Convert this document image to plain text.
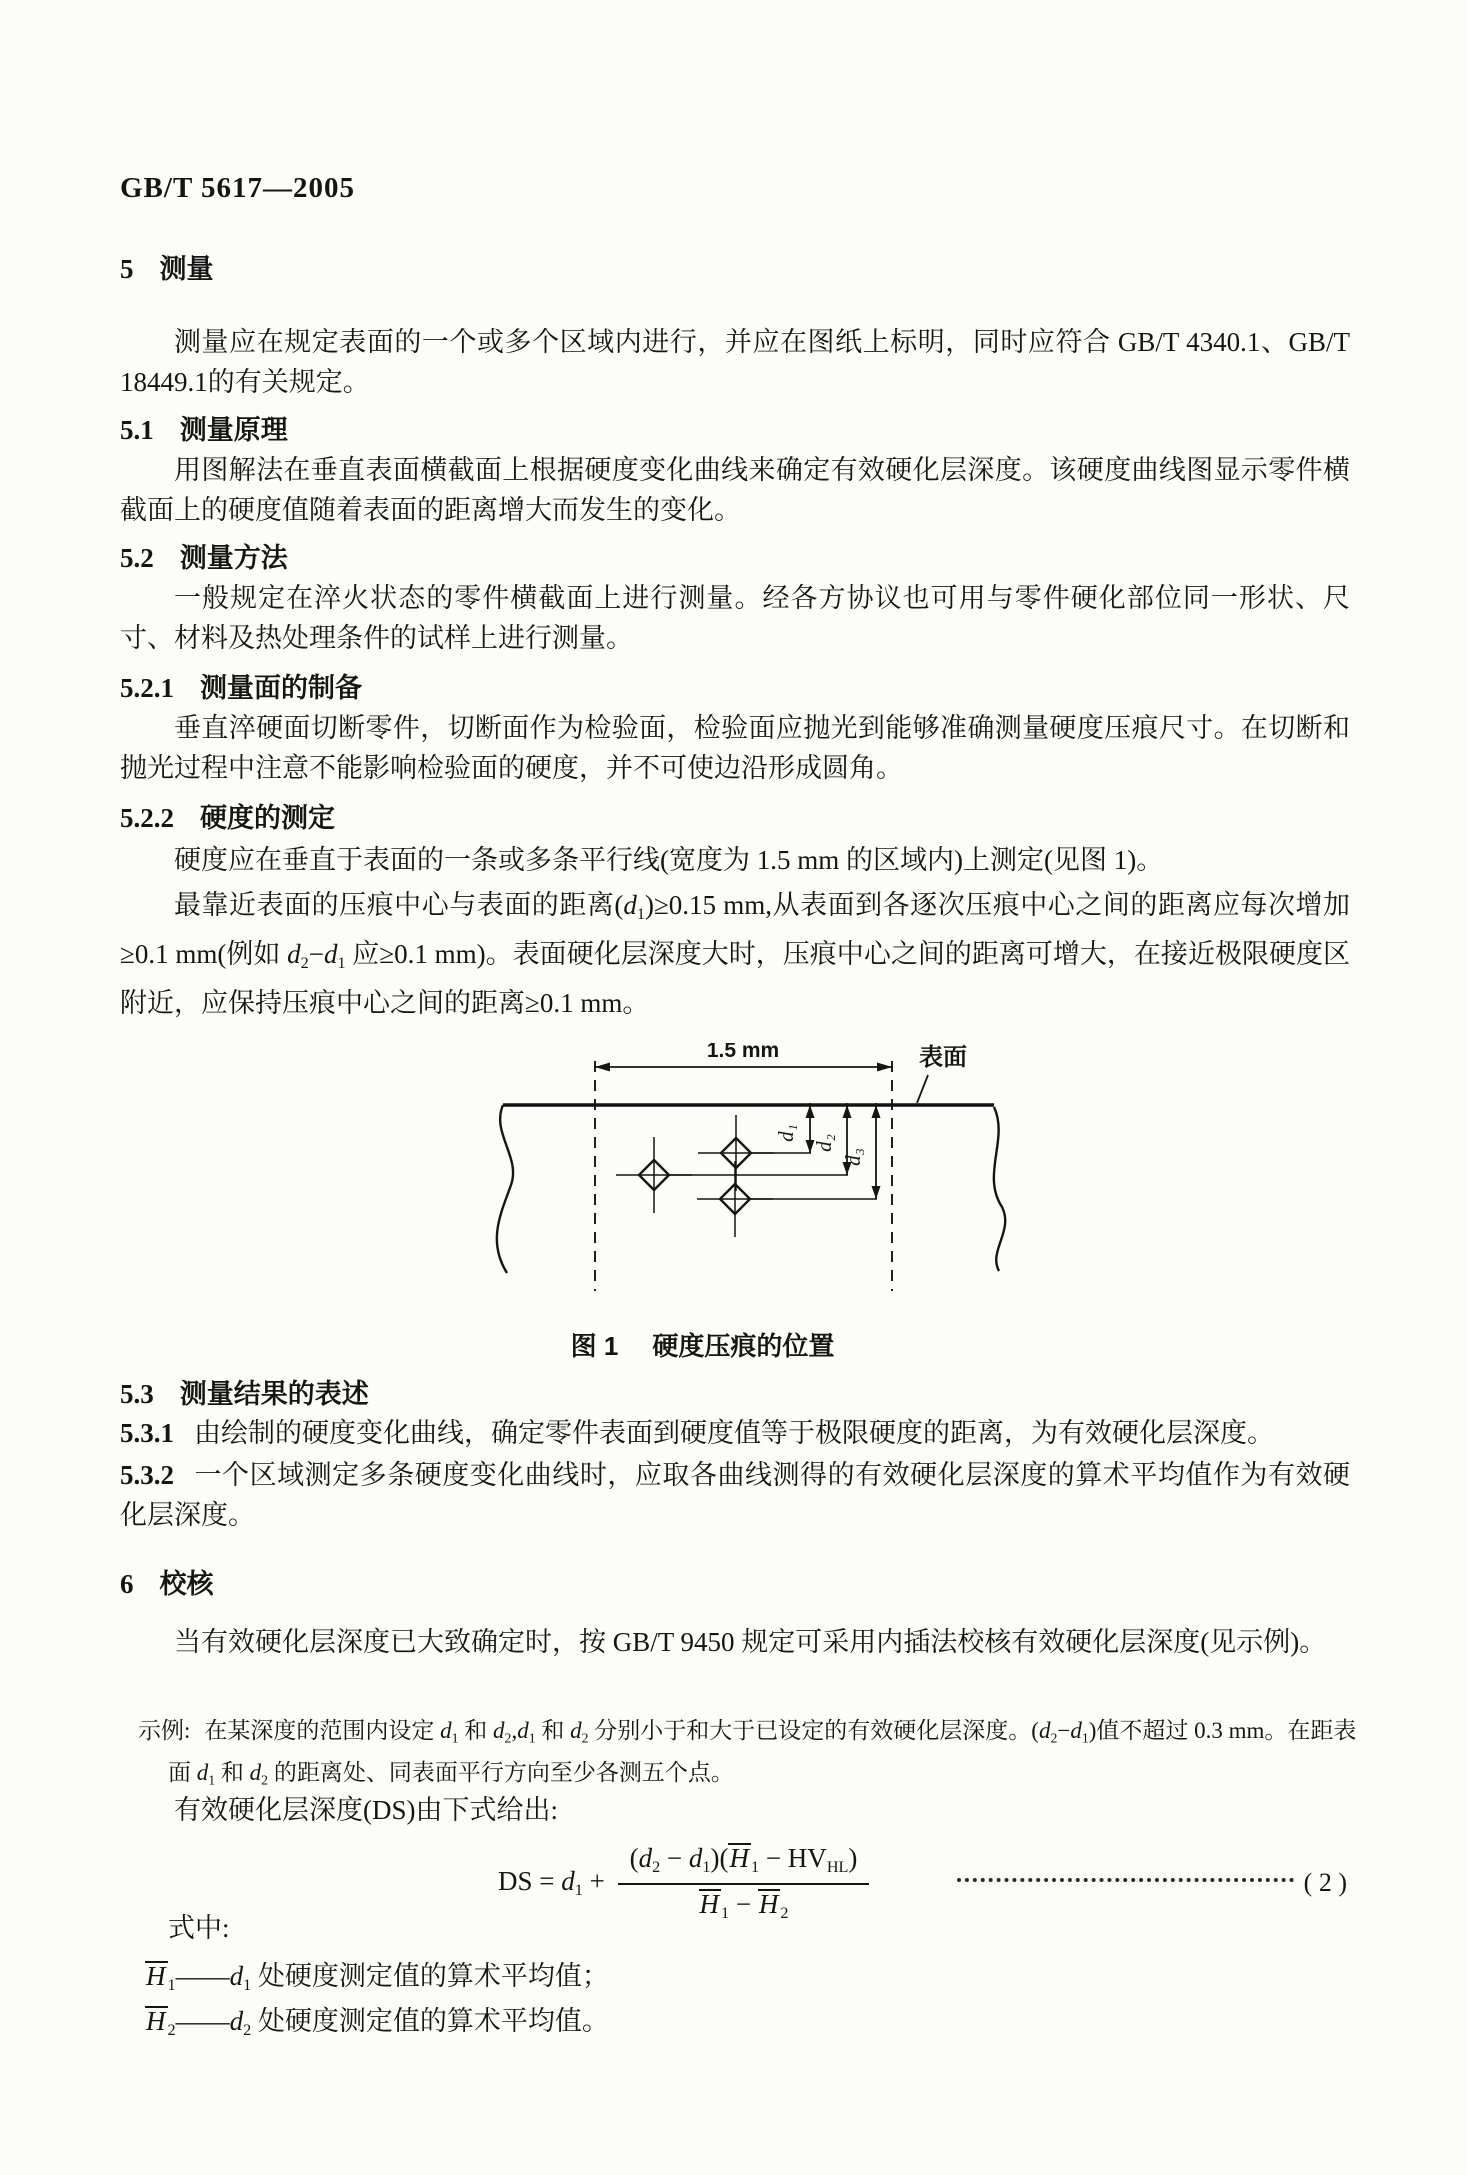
GB/T 5617—2005
5 测量
测量应在规定表面的一个或多个区域内进行，并应在图纸上标明，同时应符合 GB/T 4340.1、GB/T 18449.1的有关规定。
5.1 测量原理
用图解法在垂直表面横截面上根据硬度变化曲线来确定有效硬化层深度。该硬度曲线图显示零件横截面上的硬度值随着表面的距离增大而发生的变化。
5.2 测量方法
一般规定在淬火状态的零件横截面上进行测量。经各方协议也可用与零件硬化部位同一形状、尺寸、材料及热处理条件的试样上进行测量。
5.2.1 测量面的制备
垂直淬硬面切断零件，切断面作为检验面，检验面应抛光到能够准确测量硬度压痕尺寸。在切断和抛光过程中注意不能影响检验面的硬度，并不可使边沿形成圆角。
5.2.2 硬度的测定
硬度应在垂直于表面的一条或多条平行线(宽度为 1.5 mm 的区域内)上测定(见图 1)。
最靠近表面的压痕中心与表面的距离(d1)≥0.15 mm,从表面到各逐次压痕中心之间的距离应每次增加≥0.1 mm(例如 d2−d1 应≥0.1 mm)。表面硬化层深度大时，压痕中心之间的距离可增大，在接近极限硬度区附近，应保持压痕中心之间的距离≥0.1 mm。
1.5 mm	表面
d₁
d₂
d₃
图 1 硬度压痕的位置
5.3 测量结果的表述
5.3.1 由绘制的硬度变化曲线，确定零件表面到硬度值等于极限硬度的距离，为有效硬化层深度。
5.3.2 一个区域测定多条硬度变化曲线时，应取各曲线测得的有效硬化层深度的算术平均值作为有效硬化层深度。
6 校核
当有效硬化层深度已大致确定时，按 GB/T 9450 规定可采用内插法校核有效硬化层深度(见示例)。
示例: 在某深度的范围内设定 d1 和 d2,d1 和 d2 分别小于和大于已设定的有效硬化层深度。(d2−d1)值不超过 0.3 mm。在距表面 d1 和 d2 的距离处、同表面平行方向至少各测五个点。
有效硬化层深度(DS)由下式给出:
DS = $d1 + \frac{\text{(d2 − d1)(H 1 − HVHL)}}{H 1 - H 2}$	( 2 )
式中:
H 1——d1 处硬度测定值的算术平均值；
H 2——d2 处硬度测定值的算术平均值。
